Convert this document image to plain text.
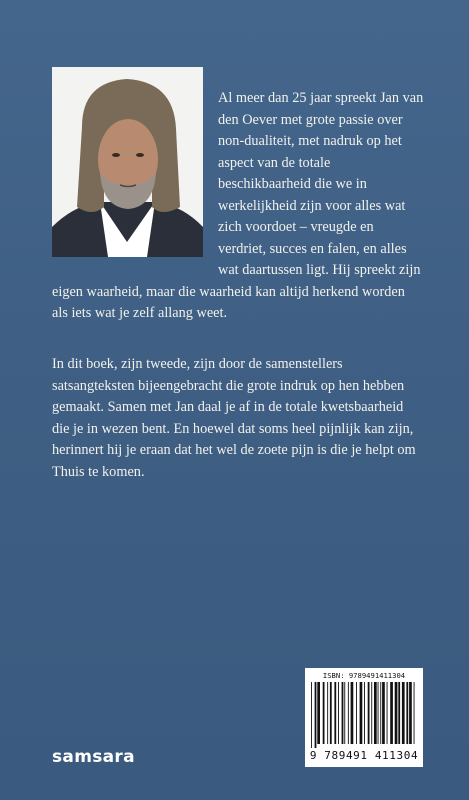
Al meer dan 25 jaar spreekt Jan van den Oever met grote passie over non-dualiteit, met nadruk op het aspect van de totale beschikbaarheid die we in werkelijkheid zijn voor alles wat zich voordoet – vreugde en verdriet, succes en falen, en alles wat daartussen ligt. Hij spreekt zijn eigen waarheid, maar die waarheid kan altijd herkend worden als iets wat je zelf allang weet.

In dit boek, zijn tweede, zijn door de samenstellers satsangteksten bijeengebracht die grote indruk op hen hebben gemaakt. Samen met Jan daal je af in de totale kwetsbaarheid die je in wezen bent. En hoewel dat soms heel pijnlijk kan zijn, herinnert hij je eraan dat het wel de zoete pijn is die je helpt om Thuis te komen.

samsara
ISBN: 9789491411304
9 789491 411304
